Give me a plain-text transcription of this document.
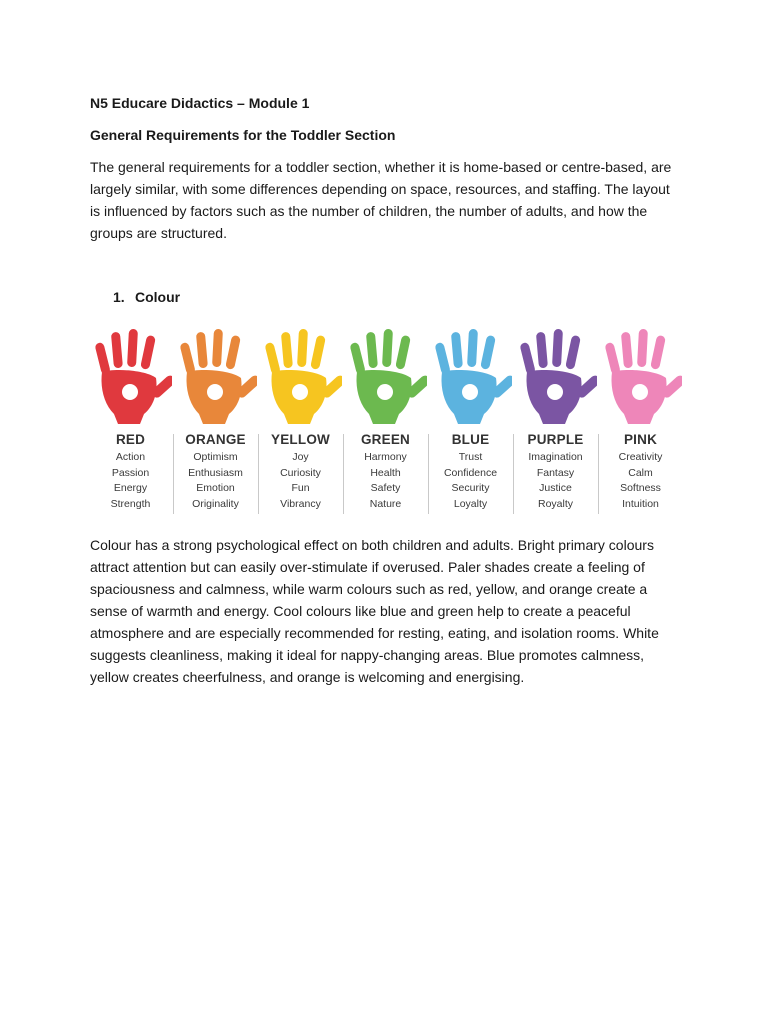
N5 Educare Didactics – Module 1

General Requirements for the Toddler Section

The general requirements for a toddler section, whether it is home-based or centre-based, are largely similar, with some differences depending on space, resources, and staffing. The layout is influenced by factors such as the number of children, the number of adults, and how the groups are structured.

1. Colour

RED
Action
Passion
Energy
Strength
ORANGE
Optimism
Enthusiasm
Emotion
Originality
YELLOW
Joy
Curiosity
Fun
Vibrancy
GREEN
Harmony
Health
Safety
Nature
BLUE
Trust
Confidence
Security
Loyalty
PURPLE
Imagination
Fantasy
Justice
Royalty
PINK
Creativity
Calm
Softness
Intuition

Colour has a strong psychological effect on both children and adults. Bright primary colours attract attention but can easily over-stimulate if overused. Paler shades create a feeling of spaciousness and calmness, while warm colours such as red, yellow, and orange create a sense of warmth and energy. Cool colours like blue and green help to create a peaceful atmosphere and are especially recommended for resting, eating, and isolation rooms. White suggests cleanliness, making it ideal for nappy-changing areas. Blue promotes calmness, yellow creates cheerfulness, and orange is welcoming and energising.
